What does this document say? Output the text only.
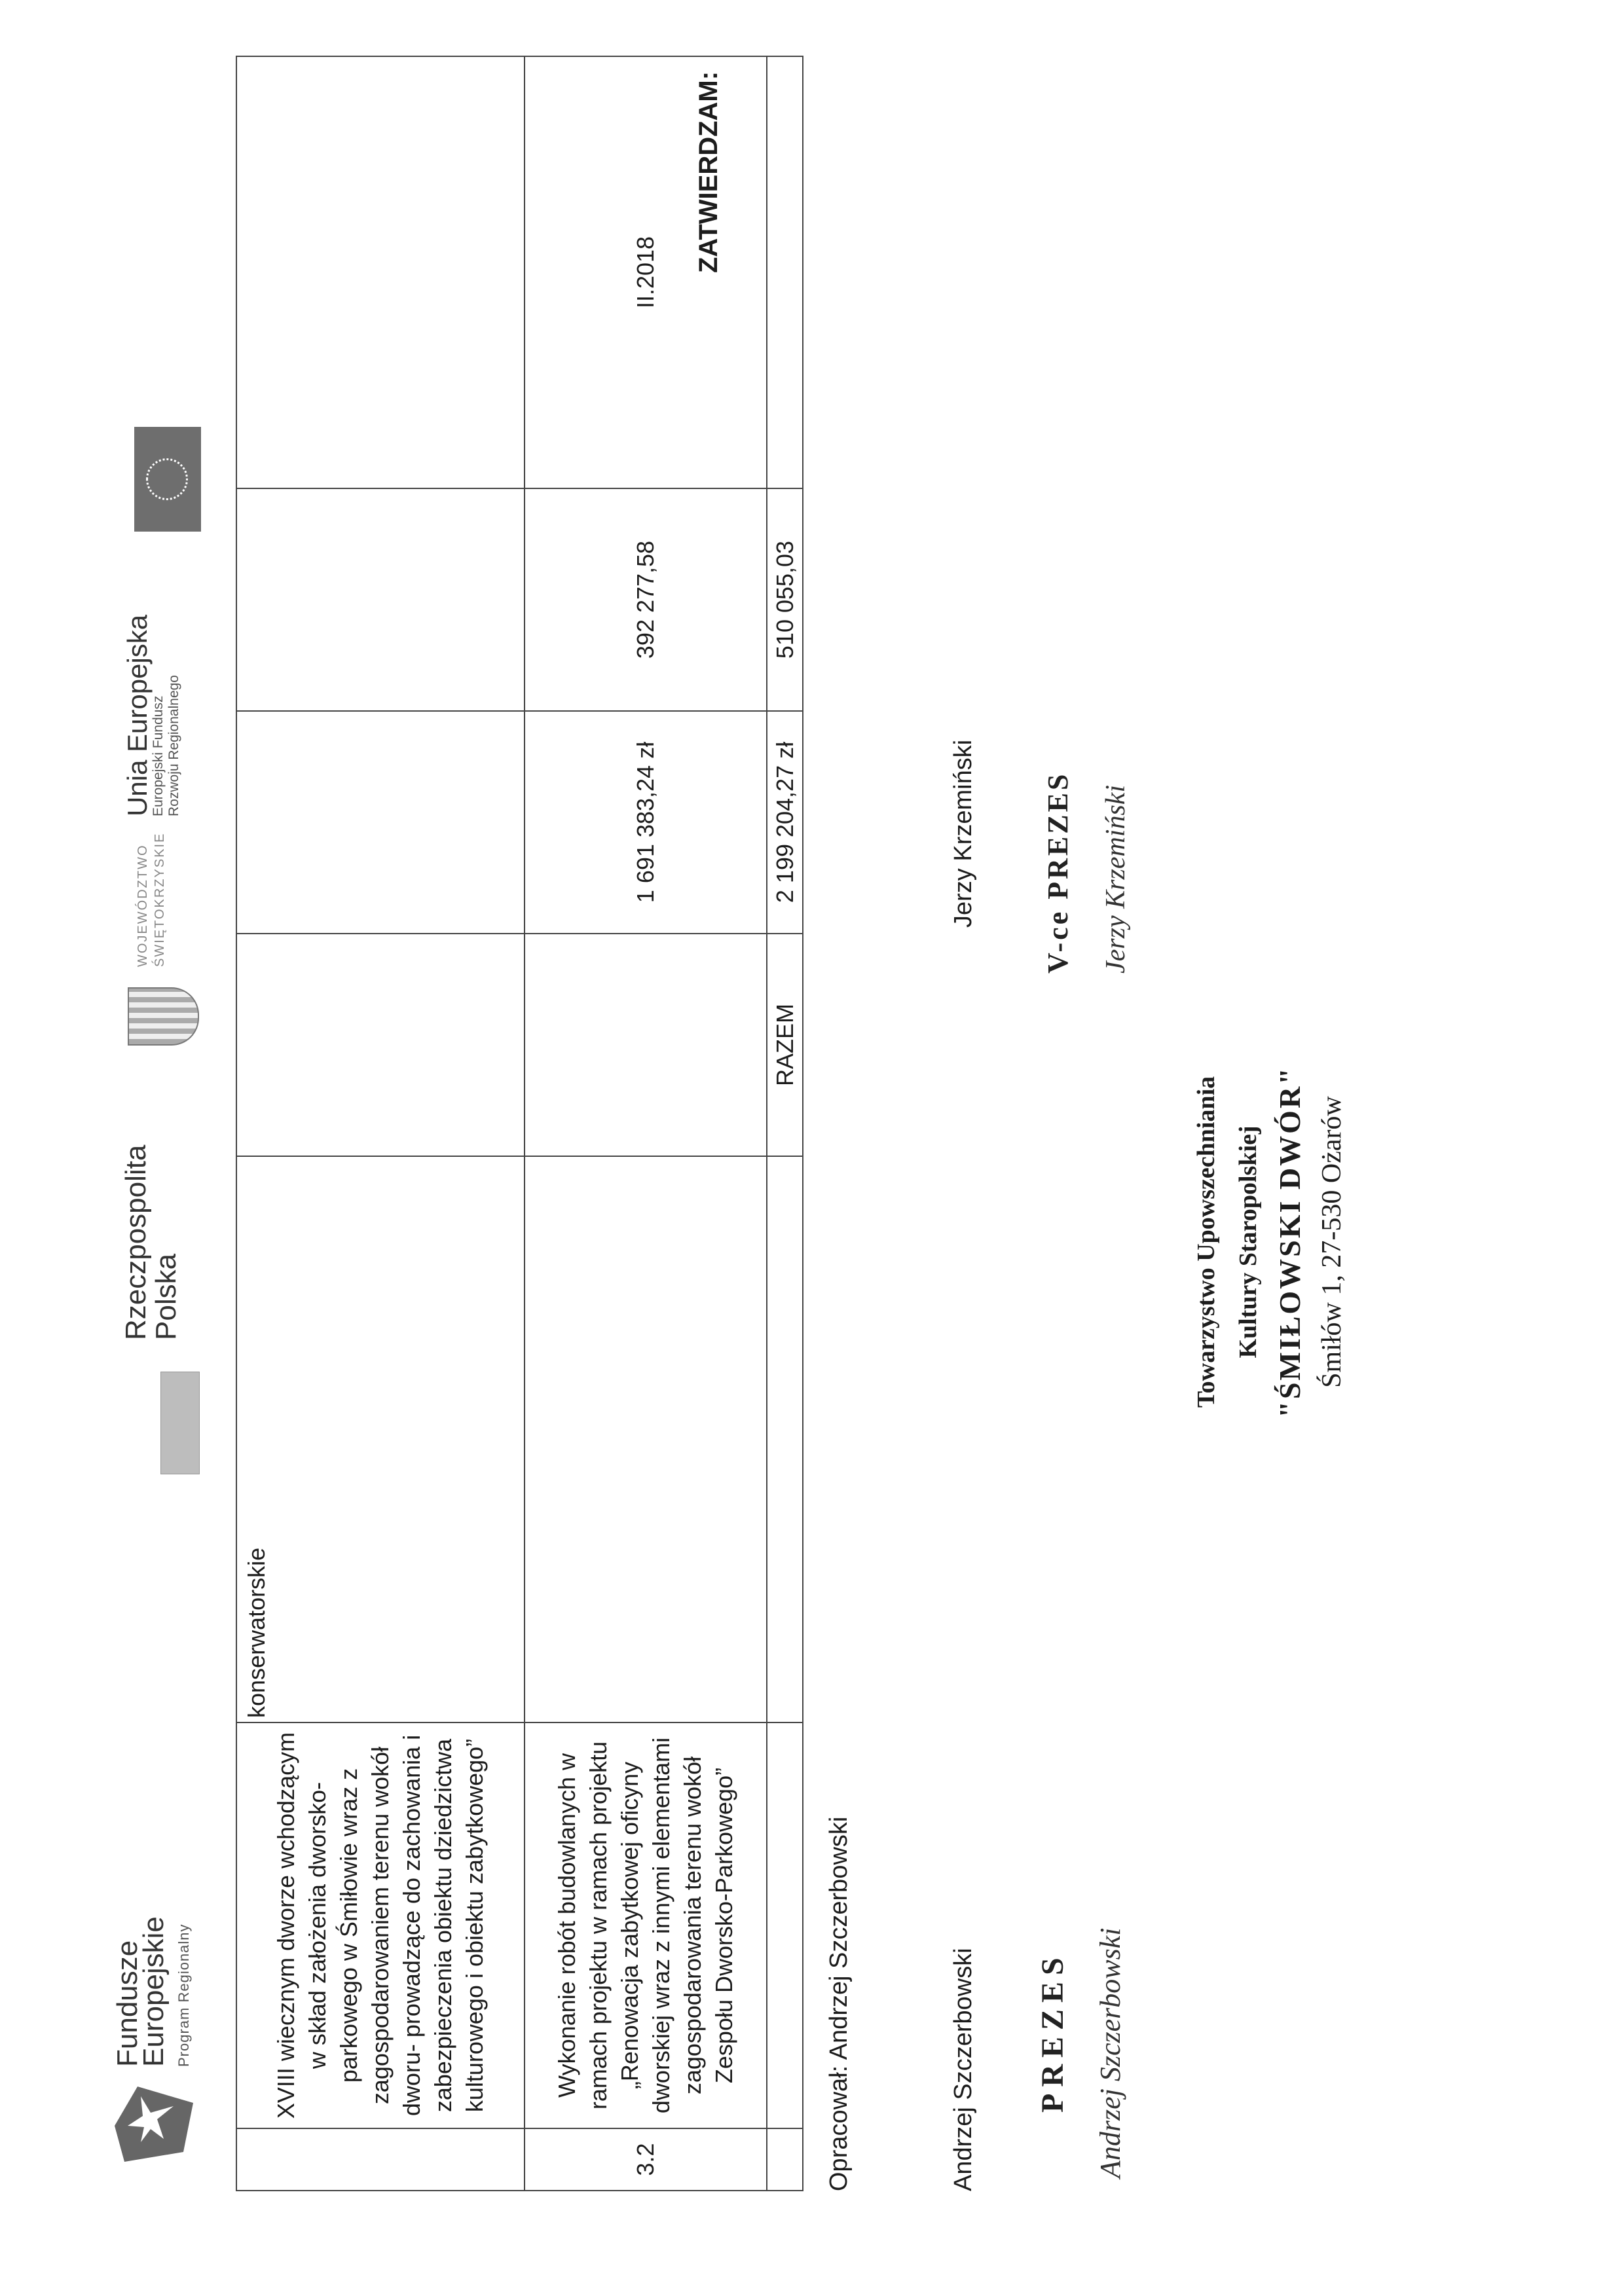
Fundusze
Europejskie Program Regionalny
Rzeczpospolita
Polska
WOJEWÓDZTWO ŚWIĘTOKRZYSKIE
Unia Europejska
Europejski Fundusz Rozwoju Regionalnego
	XVIII wiecznym dworze wchodzącym w skład założenia dworsko-parkowego w Śmiłowie wraz z zagospodarowaniem terenu wokół dworu- prowadzące do zachowania i zabezpieczenia obiektu dziedzictwa kulturowego i obiektu zabytkowego”	konserwatorskie				
3.2	Wykonanie robót budowlanych w ramach projektu w ramach projektu „Renowacja zabytkowej oficyny dworskiej wraz z innymi elementami zagospodarowania terenu wokół Zespołu Dworsko-Parkowego”			1 691 383,24 zł	392 277,58	II.2018
			RAZEM	2 199 204,27 zł	510 055,03	
Opracował: Andrzej Szczerbowski
ZATWIERDZAM:
Andrzej Szczerbowski PREZES Andrzej Szczerbowski
Jerzy Krzemiński V-ce PREZES Jerzy Krzemiński
Towarzystwo Upowszechniania Kultury Staropolskiej "ŚMIŁOWSKI DWÓR" Śmiłów 1, 27-530 Ożarów
